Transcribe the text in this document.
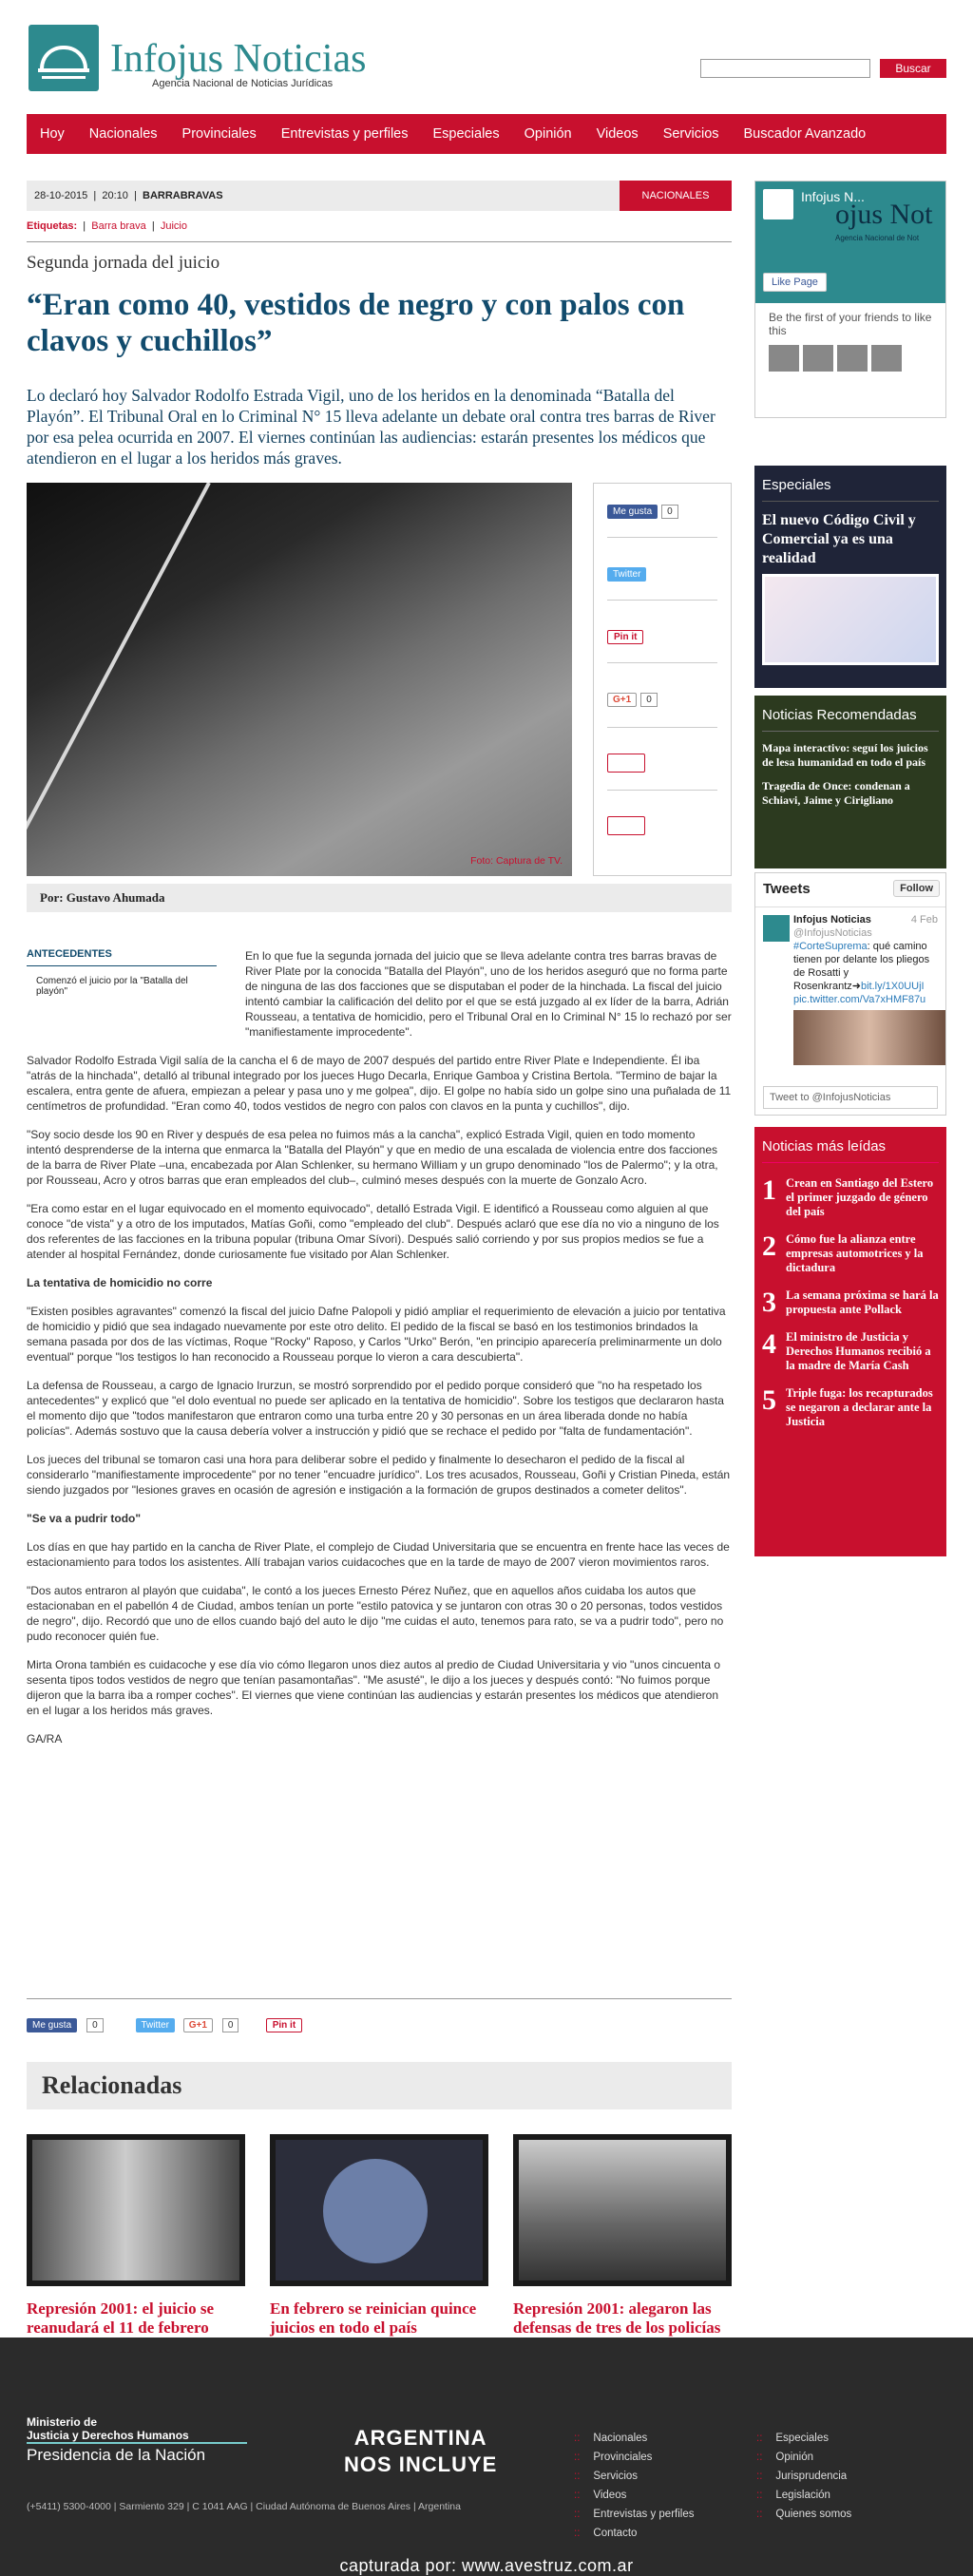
Infojus Noticias
Agencia Nacional de Noticias Jurídicas
Buscar
Hoy Nacionales Provinciales Entrevistas y perfiles Especiales Opinión Videos Servicios Buscador Avanzado
28-10-2015  |  20:10  |  BARRABRAVAS	NACIONALES
Etiquetas:  |  Barra brava  |  Juicio
Segunda jornada del juicio
“Eran como 40, vestidos de negro y con palos con clavos y cuchillos”
Lo declaró hoy Salvador Rodolfo Estrada Vigil, uno de los heridos en la denominada “Batalla del Playón”. El Tribunal Oral en lo Criminal N° 15 lleva adelante un debate oral contra tres barras de River por esa pelea ocurrida en 2007. El viernes continúan las audiencias: estarán presentes los médicos que atendieron en el lugar a los heridos más graves.
Foto: Captura de TV.
Me gusta 0
Twitter
Pin it
G+1 0
Por: Gustavo Ahumada
ANTECEDENTES
Comenzó el juicio por la "Batalla del playón"

En lo que fue la segunda jornada del juicio que se lleva adelante contra tres barras bravas de River Plate por la conocida "Batalla del Playón", uno de los heridos aseguró que no forma parte de ninguna de las dos facciones que se disputaban el poder de la hinchada. La fiscal del juicio intentó cambiar la calificación del delito por el que se está juzgado al ex líder de la barra, Adrián Rousseau, a tentativa de homicidio, pero el Tribunal Oral en lo Criminal N° 15 lo rechazó por ser "manifiestamente improcedente".

Salvador Rodolfo Estrada Vigil salía de la cancha el 6 de mayo de 2007 después del partido entre River Plate e Independiente. Él iba "atrás de la hinchada", detalló al tribunal integrado por los jueces Hugo Decarla, Enrique Gamboa y Cristina Bertola. "Termino de bajar la escalera, entra gente de afuera, empiezan a pelear y pasa uno y me golpea", dijo. El golpe no había sido un golpe sino una puñalada de 11 centímetros de profundidad. "Eran como 40, todos vestidos de negro con palos con clavos en la punta y cuchillos", dijo.

"Soy socio desde los 90 en River y después de esa pelea no fuimos más a la cancha", explicó Estrada Vigil, quien en todo momento intentó desprenderse de la interna que enmarca la "Batalla del Playón" y que en medio de una escalada de violencia entre dos facciones de la barra de River Plate –una, encabezada por Alan Schlenker, su hermano William y un grupo denominado "los de Palermo"; y la otra, por Rousseau, Acro y otros barras que eran empleados del club–, culminó meses después con la muerte de Gonzalo Acro.

"Era como estar en el lugar equivocado en el momento equivocado", detalló Estrada Vigil. E identificó a Rousseau como alguien al que conoce "de vista" y a otro de los imputados, Matías Goñi, como "empleado del club". Después aclaró que ese día no vio a ninguno de los dos referentes de las facciones en la tribuna popular (tribuna Omar Sívori). Después salió corriendo y por sus propios medios se fue a atender al hospital Fernández, donde curiosamente fue visitado por Alan Schlenker.

La tentativa de homicidio no corre

"Existen posibles agravantes" comenzó la fiscal del juicio Dafne Palopoli y pidió ampliar el requerimiento de elevación a juicio por tentativa de homicidio y pidió que sea indagado nuevamente por este otro delito. El pedido de la fiscal se basó en los testimonios brindados la semana pasada por dos de las víctimas, Roque "Rocky" Raposo, y Carlos "Urko" Berón, "en principio aparecería preliminarmente un dolo eventual" porque "los testigos lo han reconocido a Rousseau porque lo vieron a cara descubierta".

La defensa de Rousseau, a cargo de Ignacio Irurzun, se mostró sorprendido por el pedido porque consideró que "no ha respetado los antecedentes" y explicó que "el dolo eventual no puede ser aplicado en la tentativa de homicidio". Sobre los testigos que declararon hasta el momento dijo que "todos manifestaron que entraron como una turba entre 20 y 30 personas en un área liberada donde no había policías". Además sostuvo que la causa debería volver a instrucción y pidió que se rechace el pedido por "falta de fundamentación".

Los jueces del tribunal se tomaron casi una hora para deliberar sobre el pedido y finalmente lo desecharon el pedido de la fiscal al considerarlo "manifiestamente improcedente" por no tener "encuadre jurídico". Los tres acusados, Rousseau, Goñi y Cristian Pineda, están siendo juzgados por "lesiones graves en ocasión de agresión e instigación a la formación de grupos destinados a cometer delitos".

"Se va a pudrir todo"

Los días en que hay partido en la cancha de River Plate, el complejo de Ciudad Universitaria que se encuentra en frente hace las veces de estacionamiento para todos los asistentes. Allí trabajan varios cuidacoches que en la tarde de mayo de 2007 vieron movimientos raros.

"Dos autos entraron al playón que cuidaba", le contó a los jueces Ernesto Pérez Nuñez, que en aquellos años cuidaba los autos que estacionaban en el pabellón 4 de Ciudad, ambos tenían un porte "estilo patovica y se juntaron con otras 30 o 20 personas, todos vestidos de negro", dijo. Recordó que uno de ellos cuando bajó del auto le dijo "me cuidas el auto, tenemos para rato, se va a pudrir todo", pero no pudo reconocer quién fue.

Mirta Orona también es cuidacoche y ese día vio cómo llegaron unos diez autos al predio de Ciudad Universitaria y vio "unos cincuenta o sesenta tipos todos vestidos de negro que tenían pasamontañas". "Me asusté", le dijo a los jueces y después contó: "No fuimos porque dijeron que la barra iba a romper coches". El viernes que viene continúan las audiencias y estarán presentes los médicos que atendieron en el lugar a los heridos más graves.

GA/RA

Me gusta 0	Twitter G+1 0	Pin it
Relacionadas
Represión 2001: el juicio se reanudará el 11 de febrero
En febrero se reinician quince juicios en todo el país
Represión 2001: alegaron las defensas de tres de los policías
Infojus N...
ojus Not
Agencia Nacional de Not
Like Page
Be the first of your friends to like this
Especiales
El nuevo Código Civil y Comercial ya es una realidad
Noticias Recomendadas
Mapa interactivo: seguí los juicios de lesa humanidad en todo el país
Tragedia de Once: condenan a Schiavi, Jaime y Cirigliano
Tweets	Follow
Infojus Noticias	4 Feb

@InfojusNoticias
#CorteSuprema: qué camino tienen por delante los pliegos de Rosatti y Rosenkrantz➜bit.ly/1X0UUjI
pic.twitter.com/Va7xHMF87u
Tweet to @InfojusNoticias
Noticias más leídas
1 Crean en Santiago del Estero el primer juzgado de género del país
2 Cómo fue la alianza entre empresas automotrices y la dictadura
3 La semana próxima se hará la propuesta ante Pollack
4 El ministro de Justicia y Derechos Humanos recibió a la madre de María Cash
5 Triple fuga: los recapturados se negaron a declarar ante la Justicia
Ministerio de
Justicia y Derechos Humanos
Presidencia de la Nación
ARGENTINA
NOS INCLUYE
(+5411) 5300-4000 | Sarmiento 329 | C 1041 AAG | Ciudad Autónoma de Buenos Aires | Argentina
:: Nacionales
:: Provinciales
:: Servicios
:: Videos
:: Entrevistas y perfiles
:: Contacto
:: Especiales
:: Opinión
:: Jurisprudencia
:: Legislación
:: Quienes somos
capturada por: www.avestruz.com.ar
